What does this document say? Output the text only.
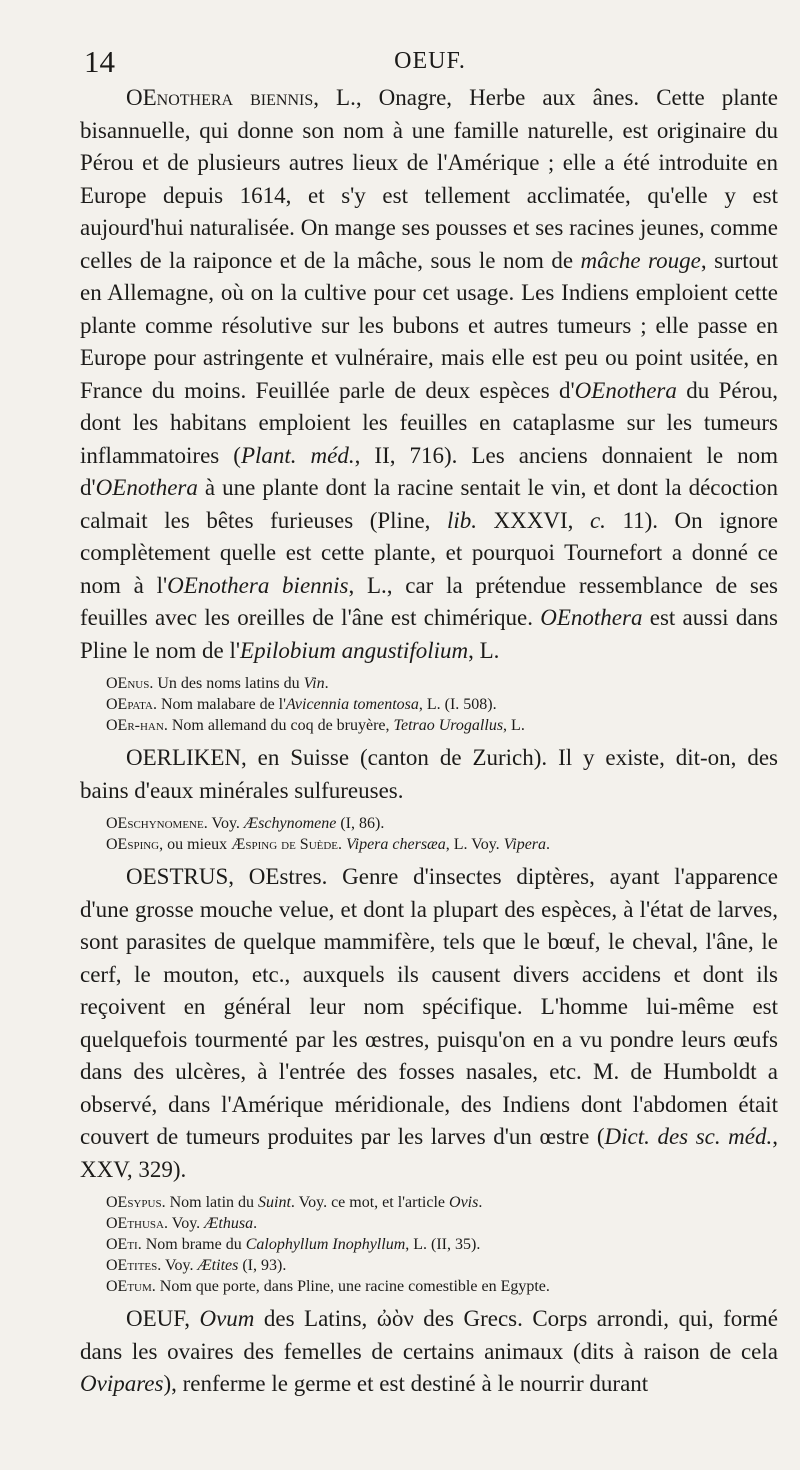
14	OEUF.

OEnothera biennis, L., Onagre, Herbe aux ânes. Cette plante bisannuelle, qui donne son nom à une famille naturelle, est originaire du Pérou et de plusieurs autres lieux de l'Amérique ; elle a été introduite en Europe depuis 1614, et s'y est tellement acclimatée, qu'elle y est aujourd'hui naturalisée. On mange ses pousses et ses racines jeunes, comme celles de la raiponce et de la mâche, sous le nom de mâche rouge, surtout en Allemagne, où on la cultive pour cet usage. Les Indiens emploient cette plante comme résolutive sur les bubons et autres tumeurs ; elle passe en Europe pour astringente et vulnéraire, mais elle est peu ou point usitée, en France du moins. Feuillée parle de deux espèces d'OEnothera du Pérou, dont les habitans emploient les feuilles en cataplasme sur les tumeurs inflammatoires (Plant. méd., II, 716). Les anciens donnaient le nom d'OEnothera à une plante dont la racine sentait le vin, et dont la décoction calmait les bêtes furieuses (Pline, lib. XXXVI, c. 11). On ignore complètement quelle est cette plante, et pourquoi Tournefort a donné ce nom à l'OEnothera biennis, L., car la prétendue ressemblance de ses feuilles avec les oreilles de l'âne est chimérique. OEnothera est aussi dans Pline le nom de l'Epilobium angustifolium, L.

OEnus. Un des noms latins du Vin.

OEpata. Nom malabare de l'Avicennia tomentosa, L. (I. 508).

OEr-han. Nom allemand du coq de bruyère, Tetrao Urogallus, L.

OERLIKEN, en Suisse (canton de Zurich). Il y existe, dit-on, des bains d'eaux minérales sulfureuses.

OEschynomene. Voy. Æschynomene (I, 86).

OEsping, ou mieux Æsping de Suède. Vipera chersæa, L. Voy. Vipera.

OESTRUS, OEstres. Genre d'insectes diptères, ayant l'apparence d'une grosse mouche velue, et dont la plupart des espèces, à l'état de larves, sont parasites de quelque mammifère, tels que le bœuf, le cheval, l'âne, le cerf, le mouton, etc., auxquels ils causent divers accidens et dont ils reçoivent en général leur nom spécifique. L'homme lui-même est quelquefois tourmenté par les œstres, puisqu'on en a vu pondre leurs œufs dans des ulcères, à l'entrée des fosses nasales, etc. M. de Humboldt a observé, dans l'Amérique méridionale, des Indiens dont l'abdomen était couvert de tumeurs produites par les larves d'un œstre (Dict. des sc. méd., XXV, 329).

OEsypus. Nom latin du Suint. Voy. ce mot, et l'article Ovis.

OEthusa. Voy. Æthusa.

OEti. Nom brame du Calophyllum Inophyllum, L. (II, 35).

OEtites. Voy. Ætites (I, 93).

OEtum. Nom que porte, dans Pline, une racine comestible en Egypte.

OEUF, Ovum des Latins, ὠὸν des Grecs. Corps arrondi, qui, formé dans les ovaires des femelles de certains animaux (dits à raison de cela Ovipares), renferme le germe et est destiné à le nourrir durant
